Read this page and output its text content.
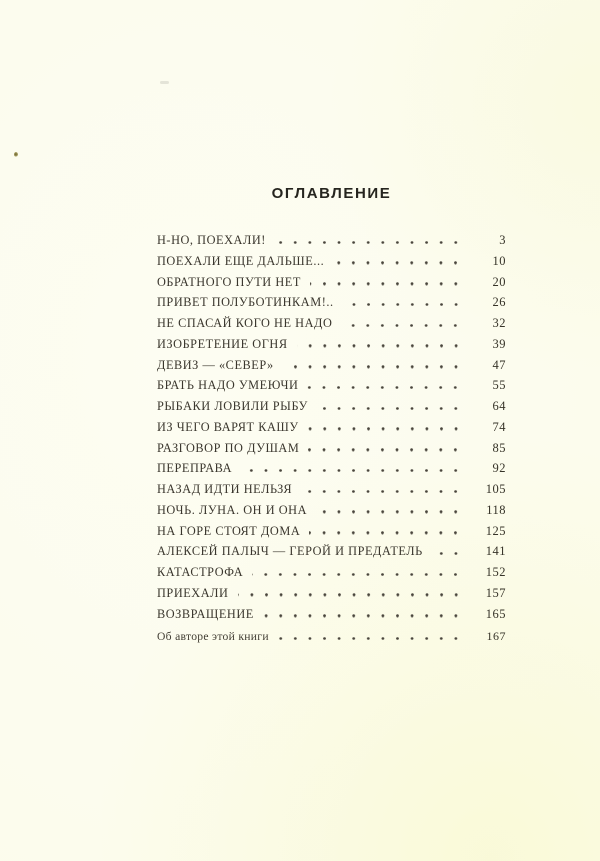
ОГЛАВЛЕНИЕ
Н-НО, ПОЕХАЛИ!	3
ПОЕХАЛИ ЕЩЕ ДАЛЬШЕ...	10
ОБРАТНОГО ПУТИ НЕТ	20
ПРИВЕТ ПОЛУБОТИНКАМ!..	26
НЕ СПАСАЙ КОГО НЕ НАДО	32
ИЗОБРЕТЕНИЕ ОГНЯ	39
ДЕВИЗ — «СЕВЕР»	47
БРАТЬ НАДО УМЕЮЧИ	55
РЫБАКИ ЛОВИЛИ РЫБУ	64
ИЗ ЧЕГО ВАРЯТ КАШУ	74
РАЗГОВОР ПО ДУШАМ	85
ПЕРЕПРАВА	92
НАЗАД ИДТИ НЕЛЬЗЯ	105
НОЧЬ. ЛУНА. ОН И ОНА	118
НА ГОРЕ СТОЯТ ДОМА	125
АЛЕКСЕЙ ПАЛЫЧ — ГЕРОЙ И ПРЕДАТЕЛЬ	141
КАТАСТРОФА	152
ПРИЕХАЛИ	157
ВОЗВРАЩЕНИЕ	165
Об авторе этой книги	167
